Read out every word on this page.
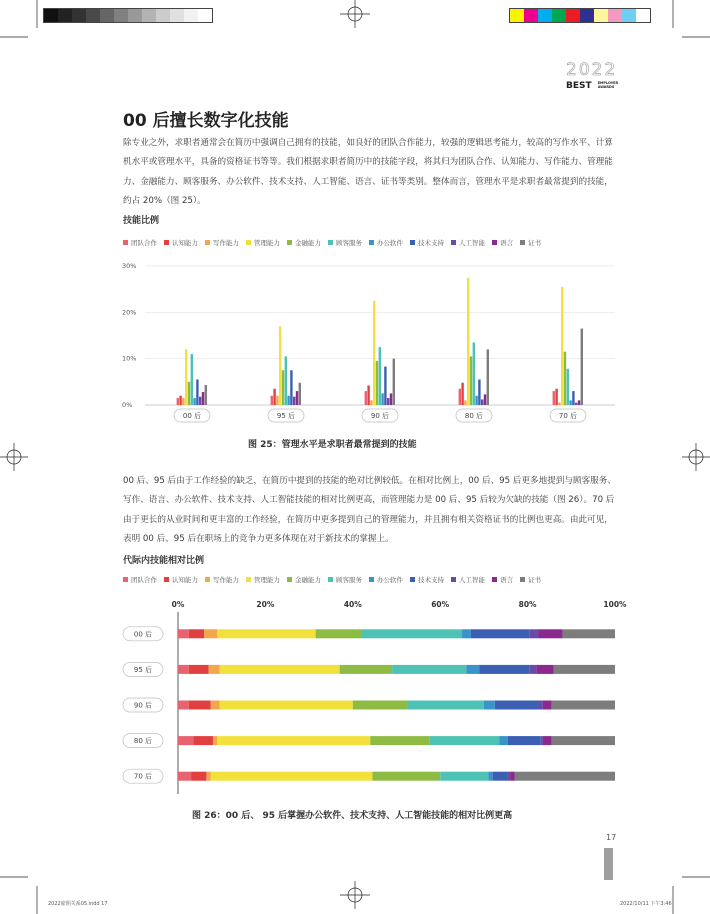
2022
$^{BEST}$ EMPLOYER
AWARDS
00 后擅长数字化技能
除专业之外，求职者通常会在简历中强调自己拥有的技能，如良好的团队合作能力，较强的逻辑思考能力，较高的写作水平、计算机水平或管理水平，具备的资格证书等等。我们根据求职者简历中的技能字段，将其归为团队合作、认知能力、写作能力、管理能力、金融能力、顾客服务、办公软件、技术支持、人工智能、语言、证书等类别。整体而言，管理水平是求职者最常提到的技能，约占 20%（图 25）。
技能比例
团队合作 认知能力 写作能力 管理能力 金融能力 顾客服务 办公软件 技术支持 人工智能 语言 证书
0%
10%
20%
30%
00 后	95 后	90 后	80 后	70 后
图 25：管理水平是求职者最常提到的技能
00 后、95 后由于工作经验的缺乏，在简历中提到的技能的绝对比例较低。在相对比例上，00 后、95 后更多地提到与顾客服务、写作、语言、办公软件、技术支持、人工智能技能的相对比例更高，而管理能力是 00 后、95 后较为欠缺的技能（图 26）。70 后由于更长的从业时间和更丰富的工作经验，在简历中更多提到自己的管理能力，并且拥有相关资格证书的比例也更高。由此可见，表明 00 后、95 后在职场上的竞争力更多体现在对于新技术的掌握上。
代际内技能相对比例
团队合作 认知能力 写作能力 管理能力 金融能力 顾客服务 办公软件 技术支持 人工智能 语言 证书
0%	20%	40%	60%	80%	100%
00 后
95 后
90 后
80 后
70 后
图 26：00 后、 95 后掌握办公软件、技术支持、人工智能技能的相对比例更高
17
2022雇佣关系05.indd 17	2022/10/11 下午3:46
